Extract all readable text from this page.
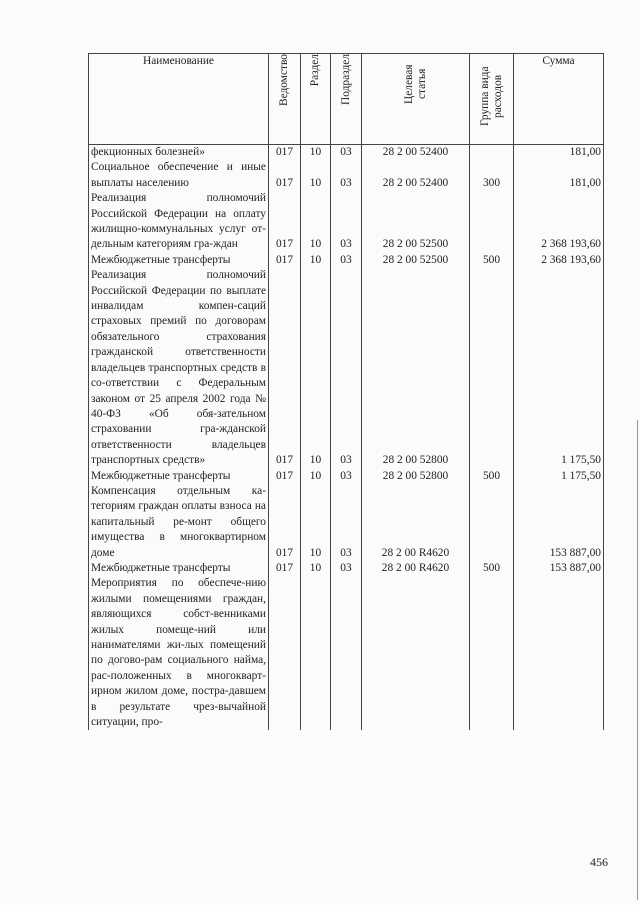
Наименование	Ведомство	Раздел	Подраздел	Целевая статья	Группа вида расходов	Сумма
фекционных болезней»	017	10	03	28 2 00 52400		181,00
Социальное обеспечение и иные выплаты населению	017	10	03	28 2 00 52400	300	181,00
Реализация полномочий Российской Федерации на оплату жилищно-коммунальных услуг от-дельным категориям гра-ждан	017	10	03	28 2 00 52500		2 368 193,60
Межбюджетные трансферты	017	10	03	28 2 00 52500	500	2 368 193,60
Реализация полномочий Российской Федерации по выплате инвалидам компен-саций страховых премий по договорам обязательного страхования гражданской ответственности владельцев транспортных средств в со-ответствии с Федеральным законом от 25 апреля 2002 года № 40-ФЗ «Об обя-зательном страховании гра-жданской ответственности владельцев транспортных средств»	017	10	03	28 2 00 52800		1 175,50
Межбюджетные трансферты	017	10	03	28 2 00 52800	500	1 175,50
Компенсация отдельным ка-тегориям граждан оплаты взноса на капитальный ре-монт общего имущества в многоквартирном доме	017	10	03	28 2 00 R4620		153 887,00
Межбюджетные трансферты	017	10	03	28 2 00 R4620	500	153 887,00
Мероприятия по обеспече-нию жилыми помещениями граждан, являющихся собст-венниками жилых помеще-ний или нанимателями жи-лых помещений по догово-рам социального найма, рас-положенных в многокварт-ирном жилом доме, постра-давшем в результате чрез-вычайной ситуации, про-						
456
